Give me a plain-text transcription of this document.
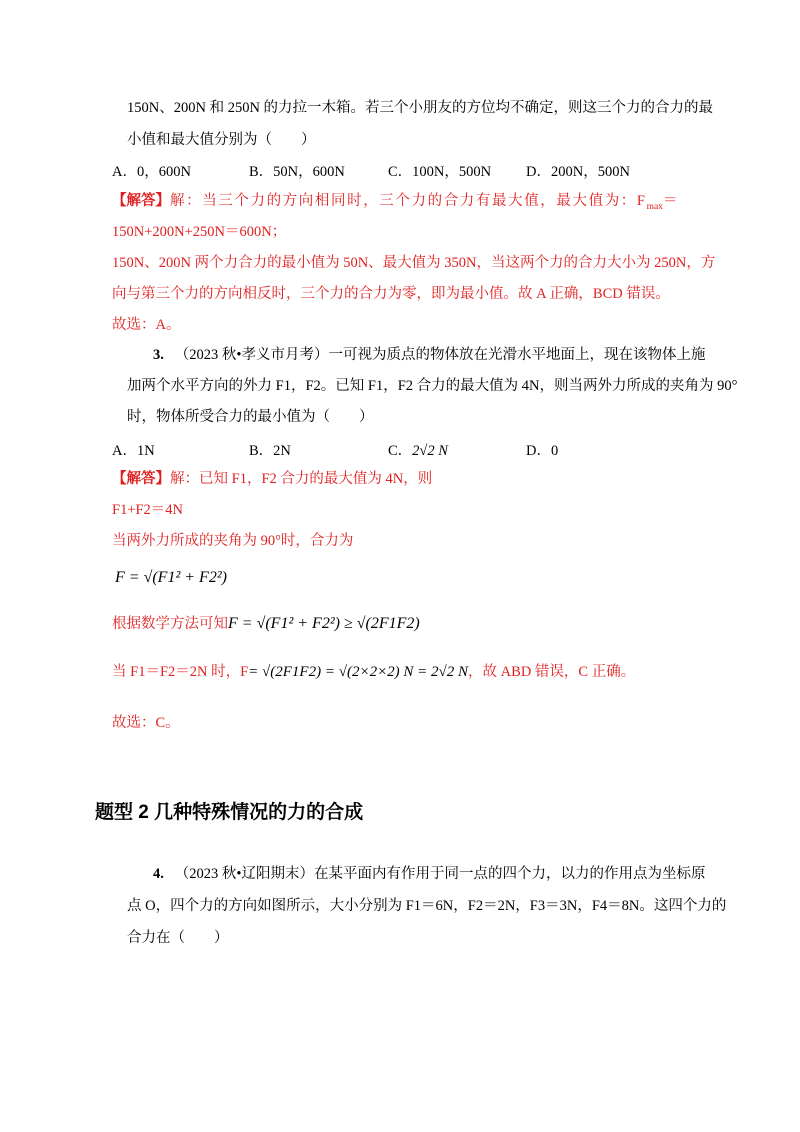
150N、200N 和 250N 的力拉一木箱。若三个小朋友的方位均不确定，则这三个力的合力的最
小值和最大值分别为（　　）
A．0，600N	B．50N，600N	C．100N，500N D．200N，500N
【解答】解：当三个力的方向相同时，三个力的合力有最大值，最大值为：$F_{max}=$
150N+200N+250N＝600N；
150N、200N 两个力合力的最小值为 50N、最大值为 350N，当这两个力的合力大小为 250N，方
向与第三个力的方向相反时，三个力的合力为零，即为最小值。故 A 正确，BCD 错误。
故选：A。
3. （2023 秋•孝义市月考）一可视为质点的物体放在光滑水平地面上，现在该物体上施
加两个水平方向的外力 F1，F2。已知 F1，F2 合力的最大值为 4N，则当两外力所成的夹角为 90°
时，物体所受合力的最小值为（　　）
A．1N	B．2N	C．2√2 N	D．0
【解答】解：已知 F1，F2 合力的最大值为 4N，则
F1+F2＝4N
当两外力所成的夹角为 90°时，合力为
F = √(F1² + F2²)
根据数学方法可知F = √(F1² + F2²) ≥ √(2F1F2)
当 F1＝F2＝2N 时，F= √(2F1F2) = √(2×2×2) N = 2√2 N，故 ABD 错误，C 正确。
故选：C。
题型 2 几种特殊情况的力的合成
4. （2023 秋•辽阳期末）在某平面内有作用于同一点的四个力，以力的作用点为坐标原
点 O，四个力的方向如图所示，大小分别为 F1＝6N，F2＝2N，F3＝3N，F4＝8N。这四个力的
合力在（　　）
